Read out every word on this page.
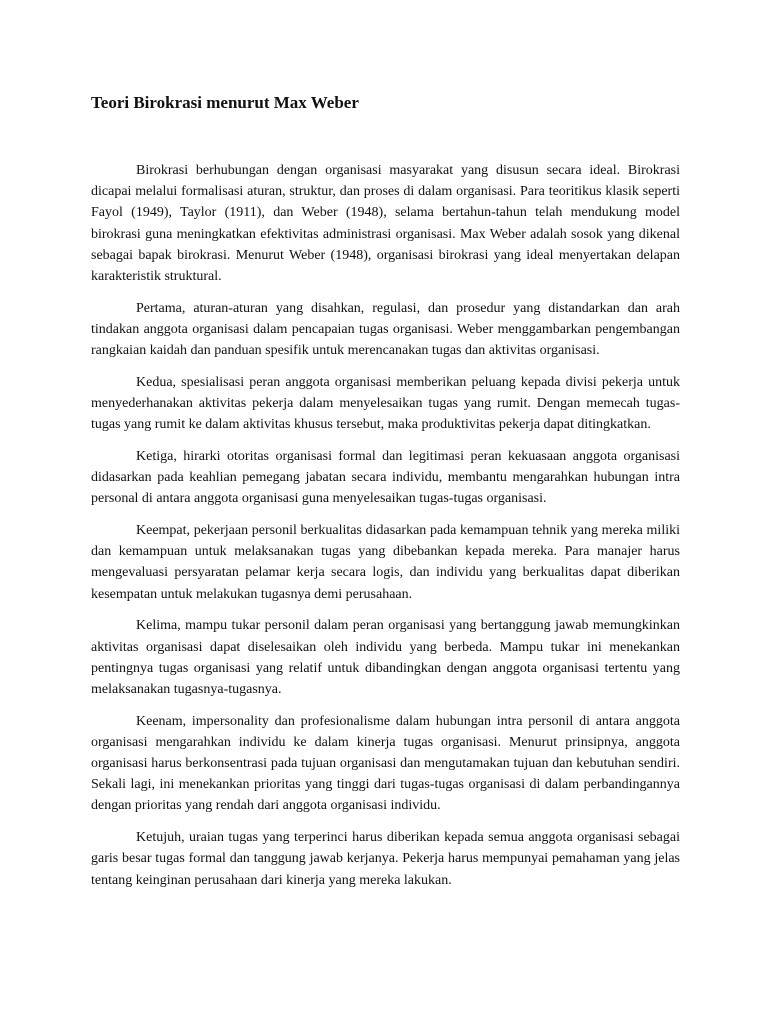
Teori Birokrasi menurut Max Weber

Birokrasi berhubungan dengan organisasi masyarakat yang disusun secara ideal. Birokrasi dicapai melalui formalisasi aturan, struktur, dan proses di dalam organisasi. Para teoritikus klasik seperti Fayol (1949), Taylor (1911), dan Weber (1948), selama bertahun-tahun telah mendukung model birokrasi guna meningkatkan efektivitas administrasi organisasi. Max Weber adalah sosok yang dikenal sebagai bapak birokrasi. Menurut Weber (1948), organisasi birokrasi yang ideal menyertakan delapan karakteristik struktural.

Pertama, aturan-aturan yang disahkan, regulasi, dan prosedur yang distandarkan dan arah tindakan anggota organisasi dalam pencapaian tugas organisasi. Weber menggambarkan pengembangan rangkaian kaidah dan panduan spesifik untuk merencanakan tugas dan aktivitas organisasi.

Kedua, spesialisasi peran anggota organisasi memberikan peluang kepada divisi pekerja untuk menyederhanakan aktivitas pekerja dalam menyelesaikan tugas yang rumit. Dengan memecah tugas-tugas yang rumit ke dalam aktivitas khusus tersebut, maka produktivitas pekerja dapat ditingkatkan.

Ketiga, hirarki otoritas organisasi formal dan legitimasi peran kekuasaan anggota organisasi didasarkan pada keahlian pemegang jabatan secara individu, membantu mengarahkan hubungan intra personal di antara anggota organisasi guna menyelesaikan tugas-tugas organisasi.

Keempat, pekerjaan personil berkualitas didasarkan pada kemampuan tehnik yang mereka miliki dan kemampuan untuk melaksanakan tugas yang dibebankan kepada mereka. Para manajer harus mengevaluasi persyaratan pelamar kerja secara logis, dan individu yang berkualitas dapat diberikan kesempatan untuk melakukan tugasnya demi perusahaan.

Kelima, mampu tukar personil dalam peran organisasi yang bertanggung jawab memungkinkan aktivitas organisasi dapat diselesaikan oleh individu yang berbeda. Mampu tukar ini menekankan pentingnya tugas organisasi yang relatif untuk dibandingkan dengan anggota organisasi tertentu yang melaksanakan tugasnya-tugasnya.

Keenam, impersonality dan profesionalisme dalam hubungan intra personil di antara anggota organisasi mengarahkan individu ke dalam kinerja tugas organisasi. Menurut prinsipnya, anggota organisasi harus berkonsentrasi pada tujuan organisasi dan mengutamakan tujuan dan kebutuhan sendiri. Sekali lagi, ini menekankan prioritas yang tinggi dari tugas-tugas organisasi di dalam perbandingannya dengan prioritas yang rendah dari anggota organisasi individu.

Ketujuh, uraian tugas yang terperinci harus diberikan kepada semua anggota organisasi sebagai garis besar tugas formal dan tanggung jawab kerjanya. Pekerja harus mempunyai pemahaman yang jelas tentang keinginan perusahaan dari kinerja yang mereka lakukan.
